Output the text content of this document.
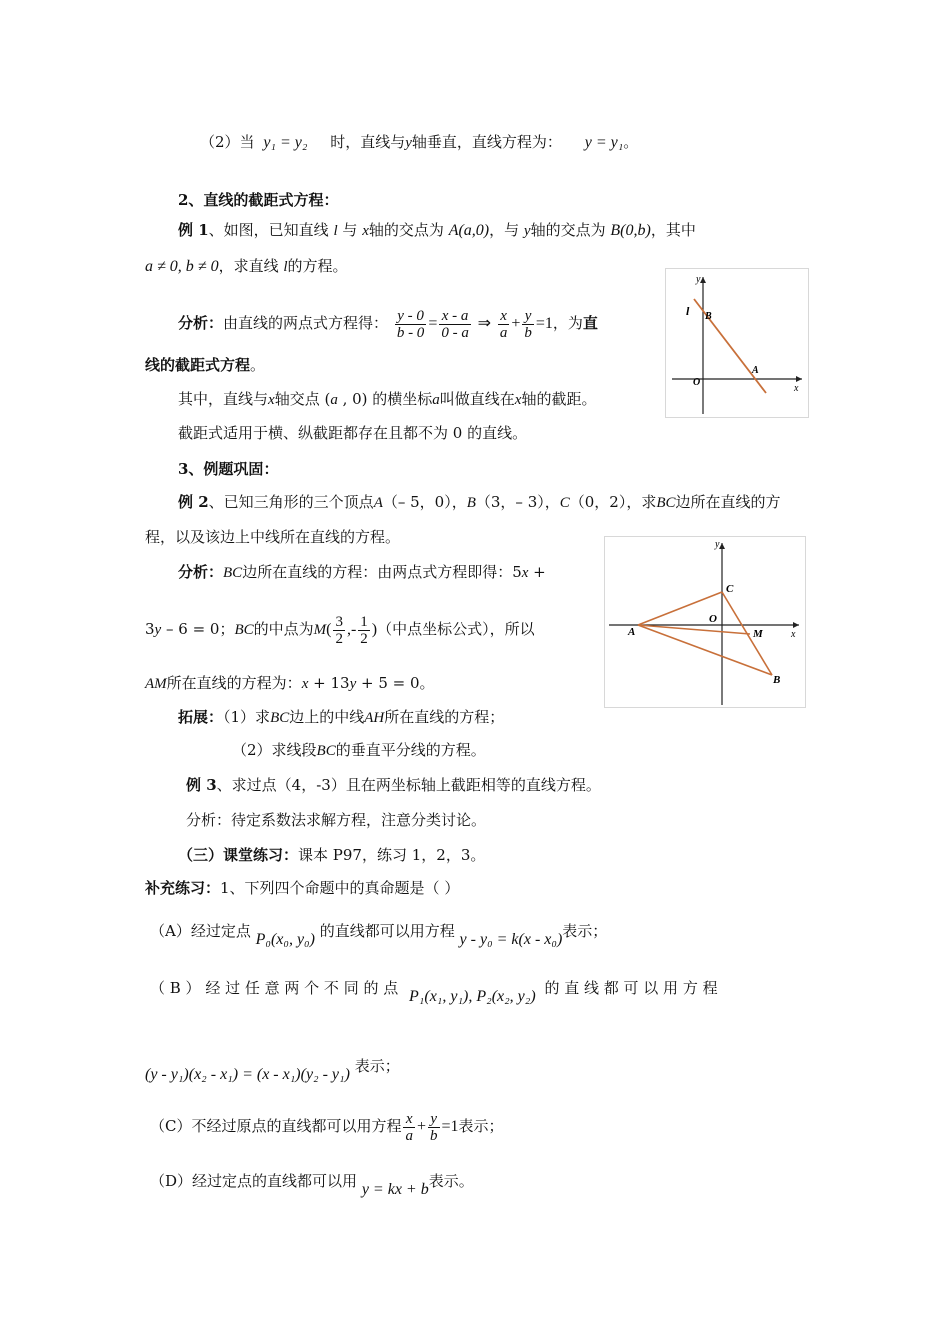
（2）当 y₁ = y₂ 时，直线与y轴垂直，直线方程为： y = y₁。
2、直线的截距式方程：
例 1、如图，已知直线 l 与 x轴的交点为 A(a,0)，与 y轴的交点为 B(0,b)，其中
a ≠ 0, b ≠ 0，求直线 l的方程。
分析：由直线的两点式方程得： $\frac{y - 0}{b - 0} = \frac{x - a}{0 - a}$ ⇒ $\frac{x}{a} + \frac{y}{b} =1$，为直
线的截距式方程。
y
x
l B
A
O
其中，直线与x轴交点 (a , 0) 的横坐标a叫做直线在x轴的截距。
截距式适用于横、纵截距都存在且都不为 0 的直线。
3、例题巩固：
例 2、已知三角形的三个顶点A（– 5，0），B（3，– 3），C（0，2），求BC边所在直线的方
程，以及该边上中线所在直线的方程。
分析：BC边所在直线的方程：由两点式方程即得：5x +
3y – 6 = 0；BC的中点为$M( \frac{3}{2}$ ,- $\frac{1}{2}$ )（中点坐标公式），所以
AM所在直线的方程为：x + 13y + 5 = 0。
y
x
C
O
A	M
B
拓展：（1）求BC边上的中线AH所在直线的方程；
（2）求线段BC的垂直平分线的方程。
例 3、求过点（4，-3）且在两坐标轴上截距相等的直线方程。
分析：待定系数法求解方程，注意分类讨论。
（三）课堂练习：课本 P97，练习 1，2，3。
补充练习：1、下列四个命题中的真命题是（ ）
（A）经过定点 P₀(x₀, y₀) 的直线都可以用方程 y - y₀ = k(x - x₀)表示；
（ B ） 经 过 任 意 两 个 不 同 的 点 P₁(x₁, y₁), P₂(x₂, y₂) 的 直 线 都 可 以 用 方 程
(y - y₁)(x₂ - x₁) = (x - x₁)(y₂ - y₁) 表示；
（C）不经过原点的直线都可以用方程 $\frac{x}{a} + \frac{y}{b} =1$表示；
（D）经过定点的直线都可以用 y = kx + b表示。
